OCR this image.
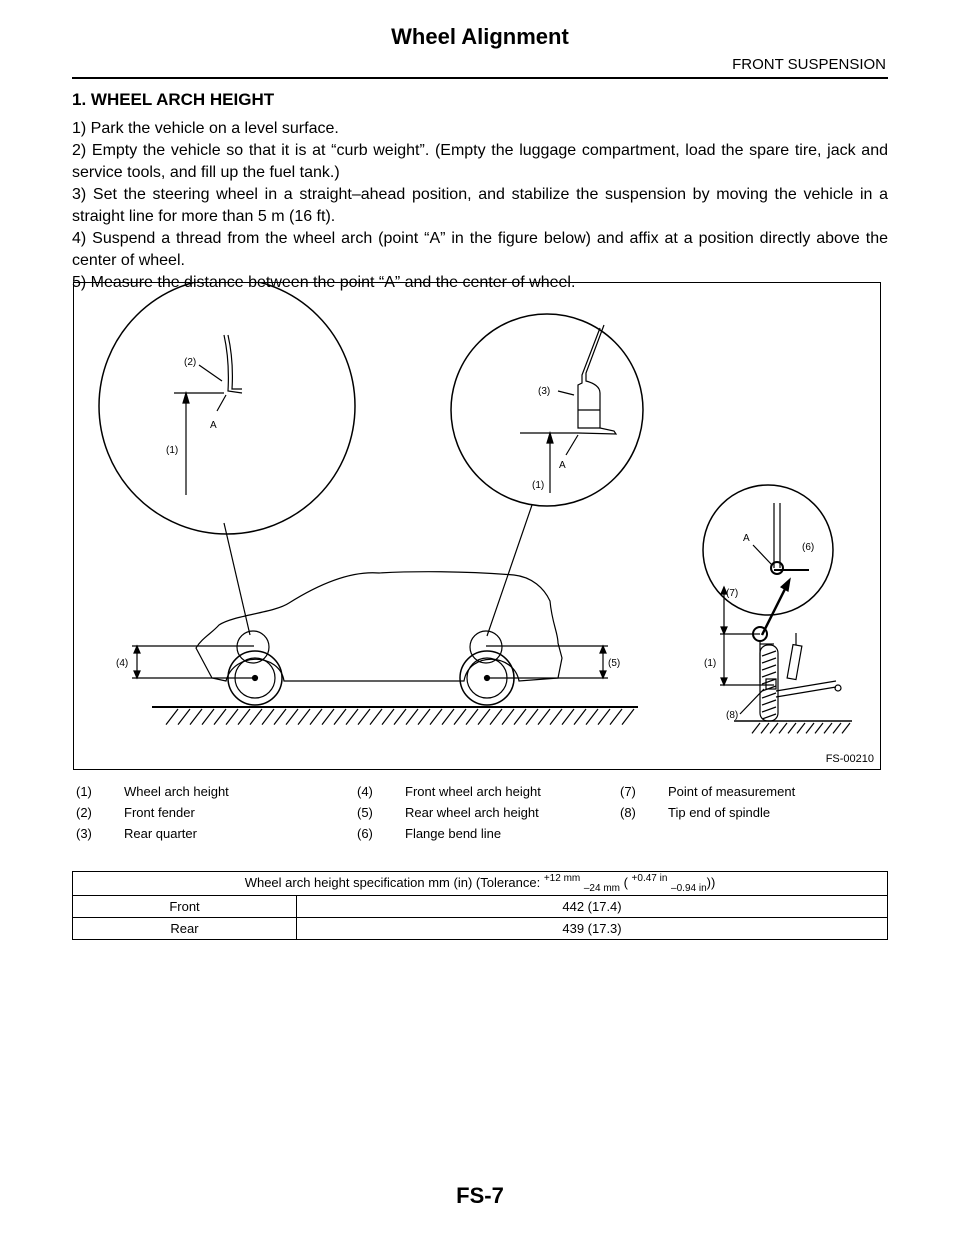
Wheel Alignment
FRONT SUSPENSION
1. WHEEL ARCH HEIGHT
1) Park the vehicle on a level surface.
2) Empty the vehicle so that it is at “curb weight”. (Empty the luggage compartment, load the spare tire, jack and service tools, and fill up the fuel tank.)
3) Set the steering wheel in a straight–ahead position, and stabilize the suspension by moving the vehicle in a straight line for more than 5 m (16 ft).
4) Suspend a thread from the wheel arch (point “A” in the figure below) and affix at a position directly above the center of wheel.
5) Measure the distance between the point “A” and the center of wheel.
(2)
A
(1)
(3)
A
(1)
(4)	(5)
A
(6)
(7)
(1)
(8)
FS-00210
(1) Wheel arch height
(2) Front fender
(3) Rear quarter
(4) Front wheel arch height
(5) Rear wheel arch height
(6) Flange bend line
(7) Point of measurement
(8) Tip end of spindle
Wheel arch height specification mm (in) (Tolerance: $^{+12 mm}$ $_{-24 mm}$ ( $^{+0.47 in}$ $_{-0.94 in}$))	
Front	442 (17.4)
Rear	439 (17.3)
FS-7
